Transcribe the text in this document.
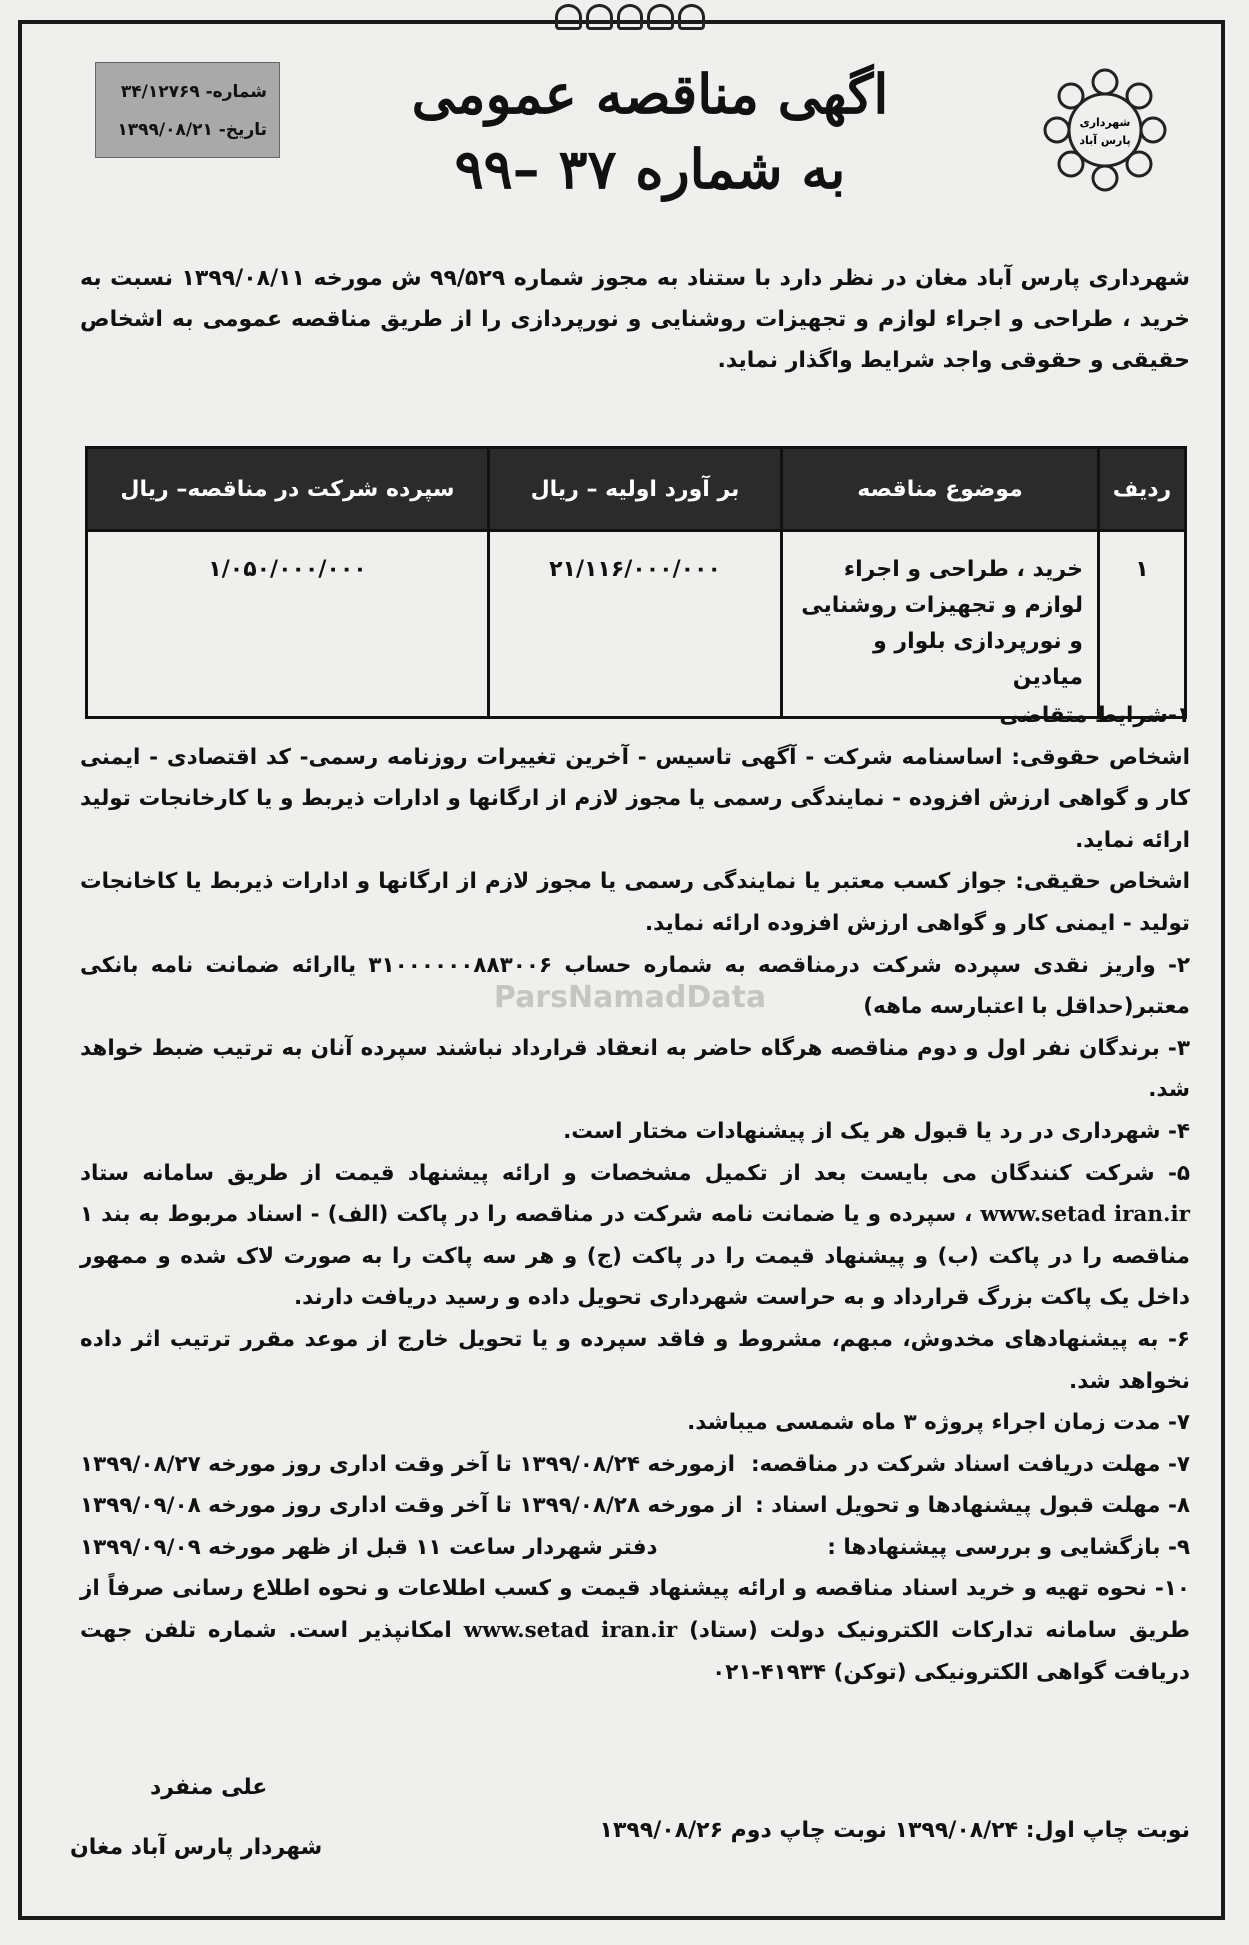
شماره- ۳۴/۱۲۷۶۹
تاریخ- ۱۳۹۹/۰۸/۲۱
اگهی مناقصه عمومی
به شماره ۳۷ –۹۹
شهرداری
پارس آباد
شهرداری پارس آباد مغان در نظر دارد با ستناد به مجوز شماره ۹۹/۵۲۹ ش مورخه ۱۳۹۹/۰۸/۱۱ نسبت به خرید ، طراحی و اجراء لوازم و تجهیزات روشنایی و نورپردازی را از طریق مناقصه عمومی به اشخاص حقیقی و حقوقی واجد شرایط واگذار نماید.
ردیف	موضوع مناقصه	بر آورد اولیه – ریال	سپرده شرکت در مناقصه– ریال
۱	خرید ، طراحی و اجراء لوازم و تجهیزات روشنایی و نورپردازی بلوار و میادین	۲۱/۱۱۶/۰۰۰/۰۰۰	۱/۰۵۰/۰۰۰/۰۰۰
ParsNamadData

۱-شرایط متقاضی

اشخاص حقوقی: اساسنامه شرکت - آگهی تاسیس - آخرین تغییرات روزنامه رسمی- کد اقتصادی - ایمنی کار و گواهی ارزش افزوده - نمایندگی رسمی یا مجوز لازم از ارگانها و ادارات ذیربط و یا کارخانجات تولید ارائه نماید.

اشخاص حقیقی: جواز کسب معتبر یا نمایندگی رسمی یا مجوز لازم از ارگانها و ادارات ذیربط یا کاخانجات تولید - ایمنی کار و گواهی ارزش افزوده ارائه نماید.

۲- واریز نقدی سپرده شرکت درمناقصه به شماره حساب ۳۱۰۰۰۰۰۰۸۸۳۰۰۶ یاارائه ضمانت نامه بانکی معتبر(حداقل با اعتبارسه ماهه)

۳- برندگان نفر اول و دوم مناقصه هرگاه حاضر به انعقاد قرارداد نباشند سپرده آنان به ترتیب ضبط خواهد شد.

۴- شهرداری در رد یا قبول هر یک از پیشنهادات مختار است.

۵- شرکت کنندگان می بایست بعد از تکمیل مشخصات و ارائه پیشنهاد قیمت از طریق سامانه ستاد www.setad iran.ir ، سپرده و یا ضمانت نامه شرکت در مناقصه را در پاکت (الف) - اسناد مربوط به بند ۱ مناقصه را در پاکت (ب) و پیشنهاد قیمت را در پاکت (ج) و هر سه پاکت را به صورت لاک شده و ممهور داخل یک پاکت بزرگ قرارداد و به حراست شهرداری تحویل داده و رسید دریافت دارند.

۶- به پیشنهادهای مخدوش، مبهم، مشروط و فاقد سپرده و یا تحویل خارج از موعد مقرر ترتیب اثر داده نخواهد شد.

۷- مدت زمان اجراء پروژه ۳ ماه شمسی میباشد.

۷- مهلت دریافت اسناد شرکت در مناقصه:
ازمورخه ۱۳۹۹/۰۸/۲۴ تا آخر وقت اداری روز مورخه ۱۳۹۹/۰۸/۲۷

۸- مهلت قبول پیشنهادها و تحویل اسناد :
از مورخه ۱۳۹۹/۰۸/۲۸ تا آخر وقت اداری روز مورخه ۱۳۹۹/۰۹/۰۸

۹- بازگشایی و بررسی پیشنهادها :
دفتر شهردار ساعت ۱۱ قبل از ظهر مورخه ۱۳۹۹/۰۹/۰۹

۱۰- نحوه تهیه و خرید اسناد مناقصه و ارائه پیشنهاد قیمت و کسب اطلاعات و نحوه اطلاع رسانی صرفاً از طریق سامانه تدارکات الکترونیک دولت (ستاد) www.setad iran.ir امکانپذیر است. شماره تلفن جهت دریافت گواهی الکترونیکی (توکن) ۴۱۹۳۴-۰۲۱

علی منفرد
شهردار پارس آباد مغان
نوبت چاپ اول: ۱۳۹۹/۰۸/۲۴ نوبت چاپ دوم ۱۳۹۹/۰۸/۲۶
